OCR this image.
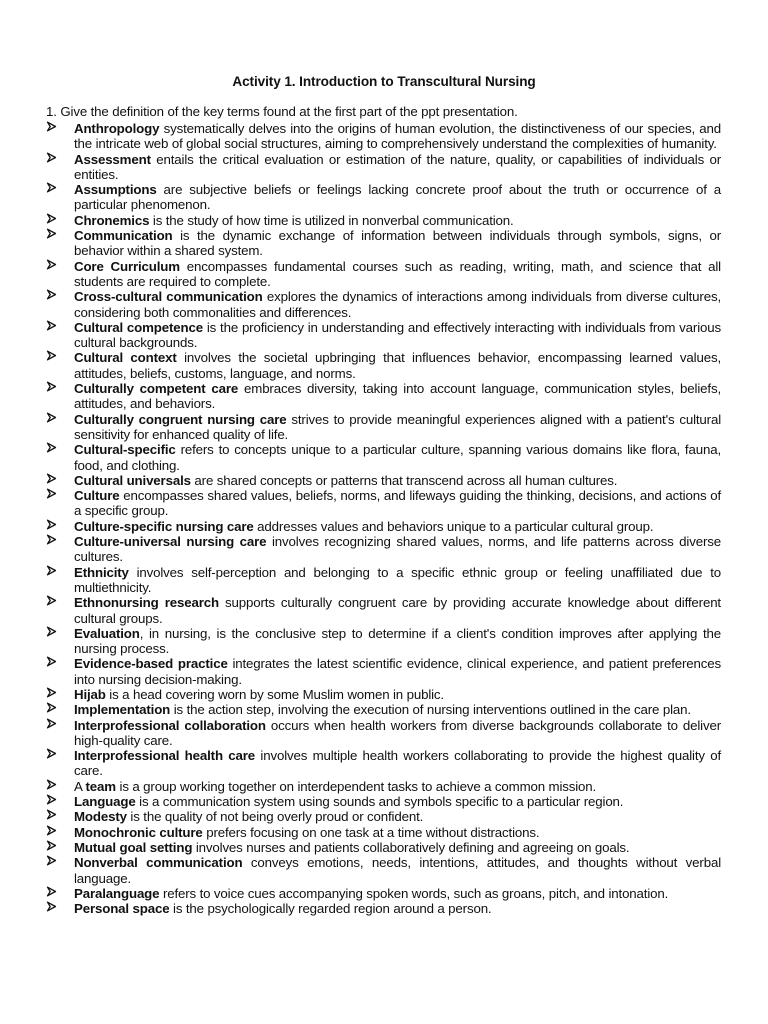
Activity 1. Introduction to Transcultural Nursing
1. Give the definition of the key terms found at the first part of the ppt presentation.
Anthropology systematically delves into the origins of human evolution, the distinctiveness of our species, and the intricate web of global social structures, aiming to comprehensively understand the complexities of humanity.
Assessment entails the critical evaluation or estimation of the nature, quality, or capabilities of individuals or entities.
Assumptions are subjective beliefs or feelings lacking concrete proof about the truth or occurrence of a particular phenomenon.
Chronemics is the study of how time is utilized in nonverbal communication.
Communication is the dynamic exchange of information between individuals through symbols, signs, or behavior within a shared system.
Core Curriculum encompasses fundamental courses such as reading, writing, math, and science that all students are required to complete.
Cross-cultural communication explores the dynamics of interactions among individuals from diverse cultures, considering both commonalities and differences.
Cultural competence is the proficiency in understanding and effectively interacting with individuals from various cultural backgrounds.
Cultural context involves the societal upbringing that influences behavior, encompassing learned values, attitudes, beliefs, customs, language, and norms.
Culturally competent care embraces diversity, taking into account language, communication styles, beliefs, attitudes, and behaviors.
Culturally congruent nursing care strives to provide meaningful experiences aligned with a patient's cultural sensitivity for enhanced quality of life.
Cultural-specific refers to concepts unique to a particular culture, spanning various domains like flora, fauna, food, and clothing.
Cultural universals are shared concepts or patterns that transcend across all human cultures.
Culture encompasses shared values, beliefs, norms, and lifeways guiding the thinking, decisions, and actions of a specific group.
Culture-specific nursing care addresses values and behaviors unique to a particular cultural group.
Culture-universal nursing care involves recognizing shared values, norms, and life patterns across diverse cultures.
Ethnicity involves self-perception and belonging to a specific ethnic group or feeling unaffiliated due to multiethnicity.
Ethnonursing research supports culturally congruent care by providing accurate knowledge about different cultural groups.
Evaluation, in nursing, is the conclusive step to determine if a client's condition improves after applying the nursing process.
Evidence-based practice integrates the latest scientific evidence, clinical experience, and patient preferences into nursing decision-making.
Hijab is a head covering worn by some Muslim women in public.
Implementation is the action step, involving the execution of nursing interventions outlined in the care plan.
Interprofessional collaboration occurs when health workers from diverse backgrounds collaborate to deliver high-quality care.
Interprofessional health care involves multiple health workers collaborating to provide the highest quality of care.
A team is a group working together on interdependent tasks to achieve a common mission.
Language is a communication system using sounds and symbols specific to a particular region.
Modesty is the quality of not being overly proud or confident.
Monochronic culture prefers focusing on one task at a time without distractions.
Mutual goal setting involves nurses and patients collaboratively defining and agreeing on goals.
Nonverbal communication conveys emotions, needs, intentions, attitudes, and thoughts without verbal language.
Paralanguage refers to voice cues accompanying spoken words, such as groans, pitch, and intonation.
Personal space is the psychologically regarded region around a person.
